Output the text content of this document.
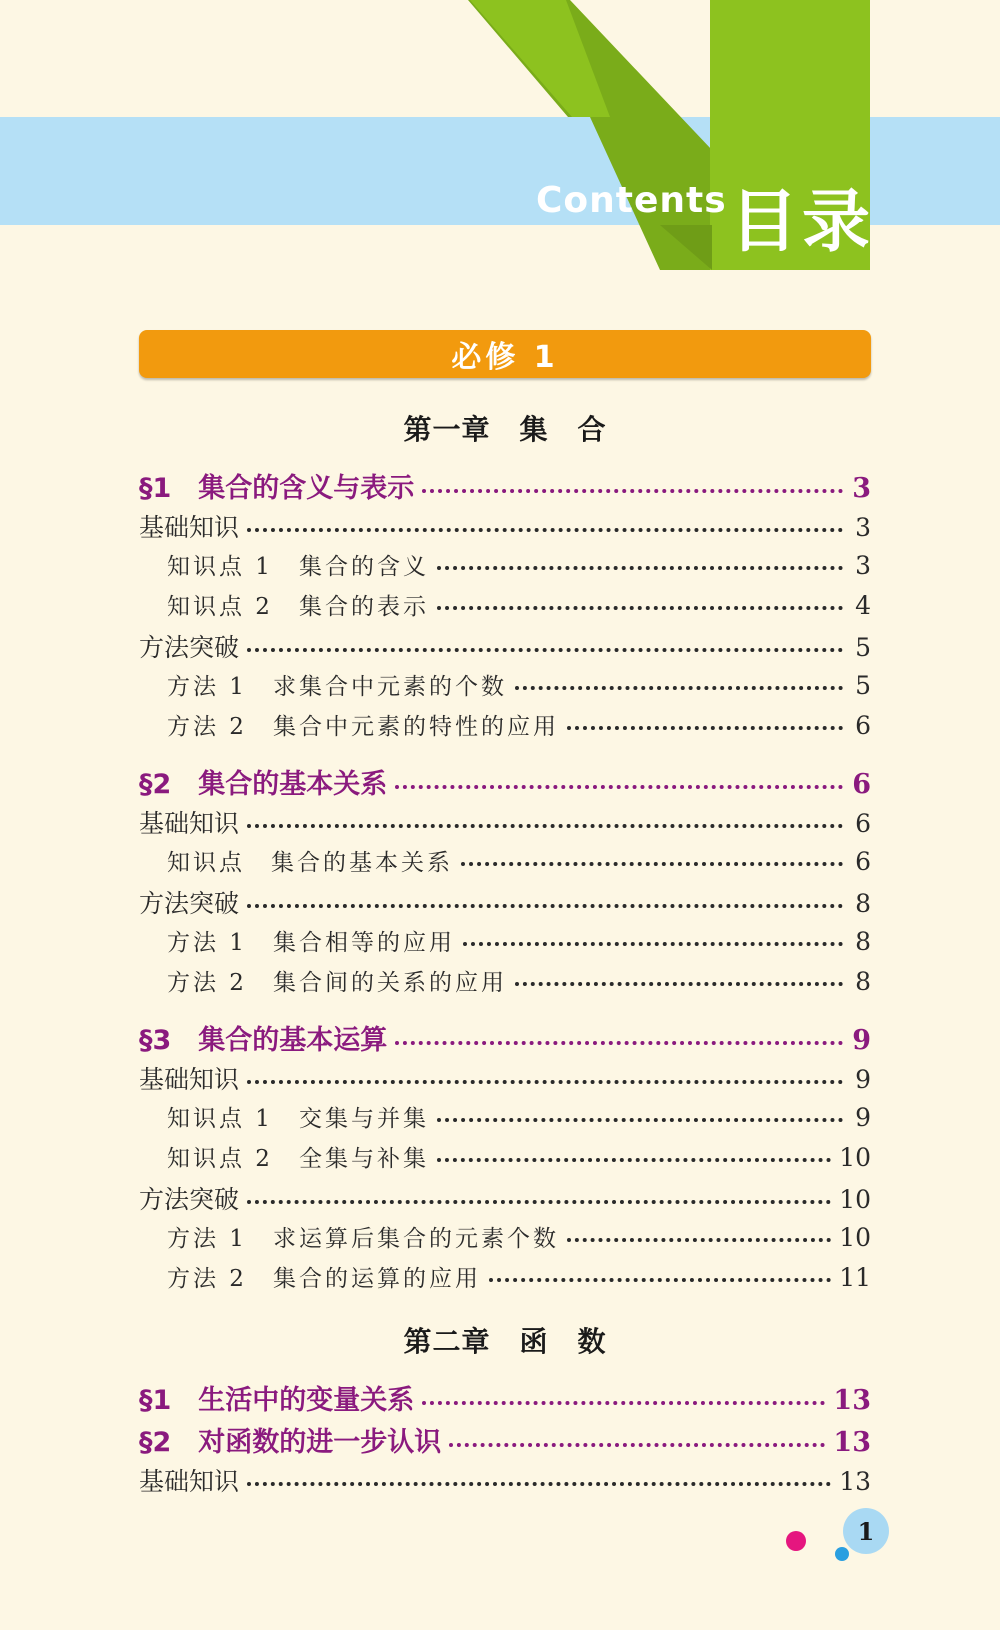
Contents 目录
必修 1
第一章　集　合
§1　集合的含义与表示	3
基础知识	3
知识点 1　集合的含义	3
知识点 2　集合的表示	4
方法突破	5
方法 1　求集合中元素的个数	5
方法 2　集合中元素的特性的应用	6
§2　集合的基本关系	6
基础知识	6
知识点　集合的基本关系	6
方法突破	8
方法 1　集合相等的应用	8
方法 2　集合间的关系的应用	8
§3　集合的基本运算	9
基础知识	9
知识点 1　交集与并集	9
知识点 2　全集与补集	10
方法突破	10
方法 1　求运算后集合的元素个数	10
方法 2　集合的运算的应用	11
第二章　函　数
§1　生活中的变量关系	13
§2　对函数的进一步认识	13
基础知识	13
1
